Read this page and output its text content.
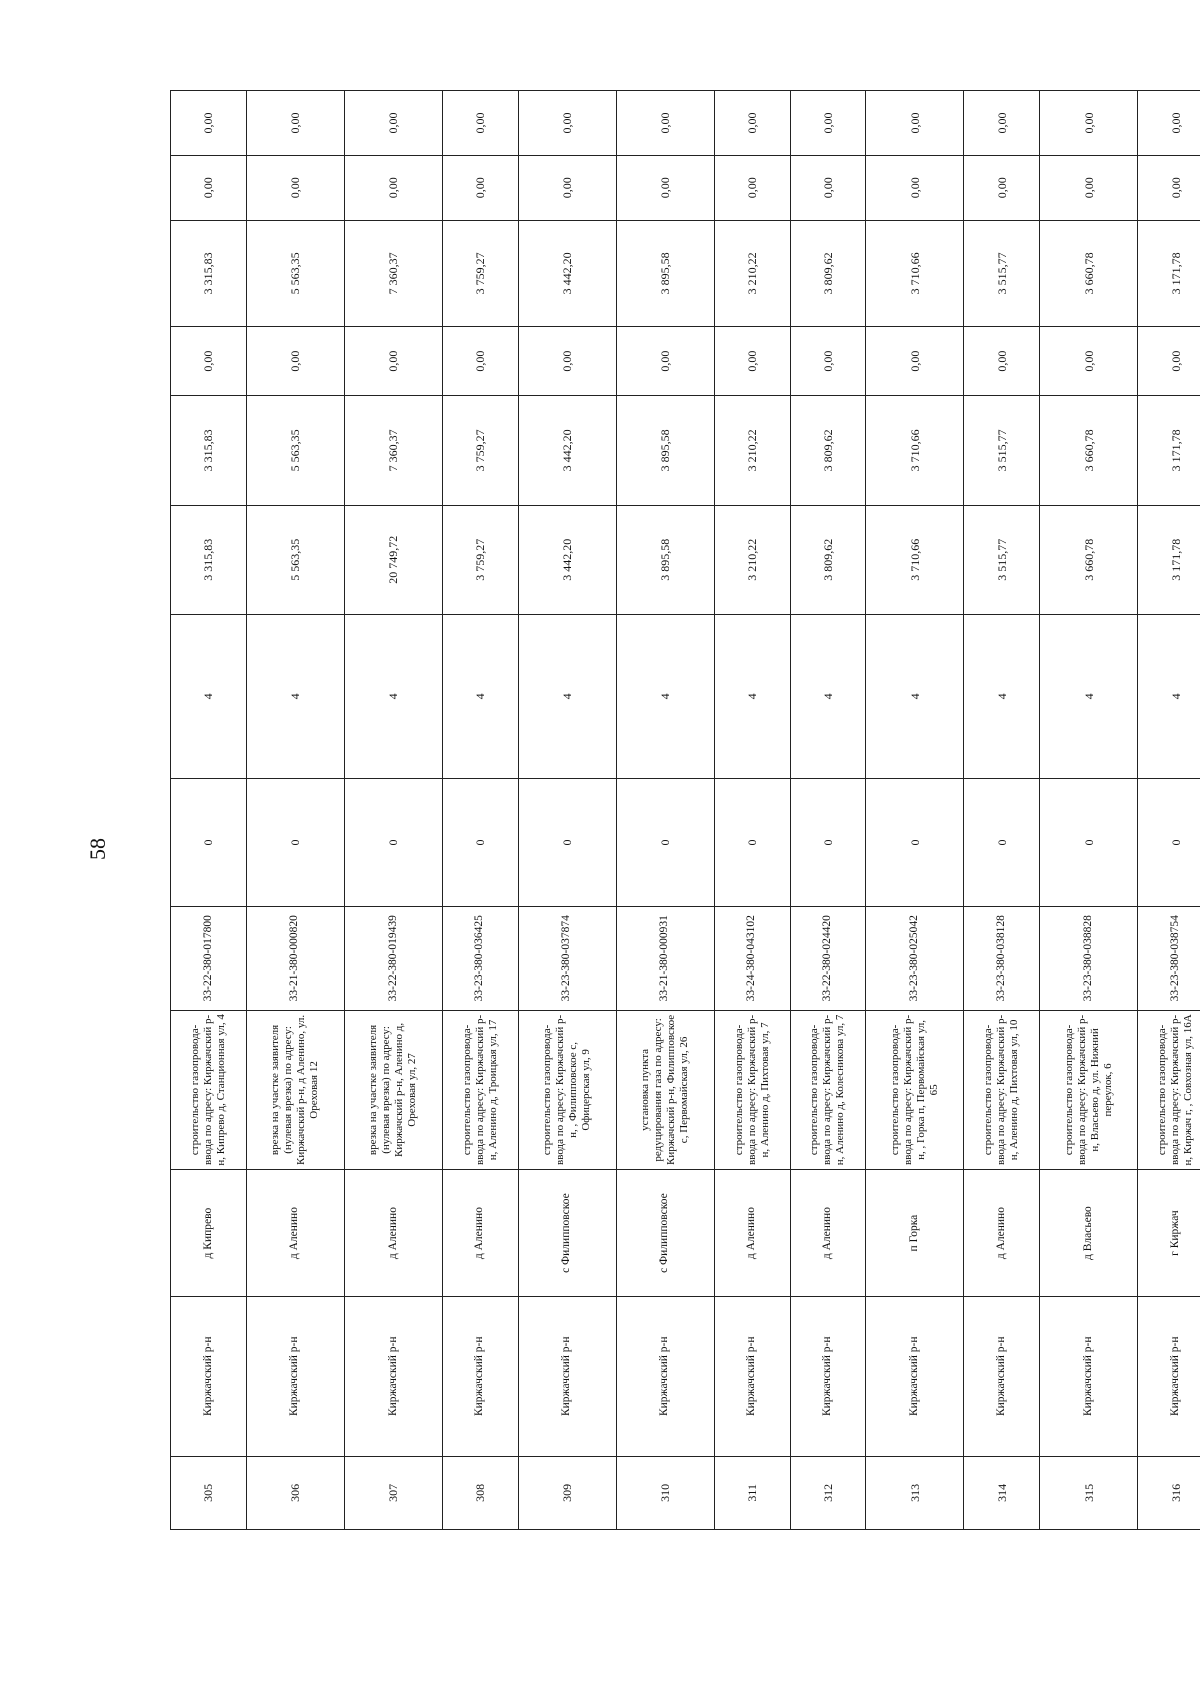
58
305	Киржачский р-н	д Кипрево	строительство газопровода-ввода по адресу: Киржачский р-н, Кипрево д, Станционная ул, 4	33-22-380-017800	0	4	3 315,83	3 315,83	0,00	3 315,83	0,00	0,00
306	Киржачский р-н	д Аленино	врезка на участке заявителя (нулевая врезка) по адресу: Киржачский р-н, д Аленино, ул. Ореховая 12	33-21-380-000820	0	4	5 563,35	5 563,35	0,00	5 563,35	0,00	0,00
307	Киржачский р-н	д Аленино	врезка на участке заявителя (нулевая врезка) по адресу: Киржачский р-н, Аленино д, Ореховая ул, 27	33-22-380-019439	0	4	20 749,72	7 360,37	0,00	7 360,37	0,00	0,00
308	Киржачский р-н	д Аленино	строительство газопровода-ввода по адресу: Киржачский р-н, Аленино д, Троицкая ул, 17	33-23-380-036425	0	4	3 759,27	3 759,27	0,00	3 759,27	0,00	0,00
309	Киржачский р-н	с Филипповское	строительство газопровода-ввода по адресу: Киржачский р-н, , Филипповское с, Офицерская ул, 9	33-23-380-037874	0	4	3 442,20	3 442,20	0,00	3 442,20	0,00	0,00
310	Киржачский р-н	с Филипповское	установка пункта редуцирования газа по адресу: Киржачский р-н, Филипповское с, Первомайская ул, 26	33-21-380-000931	0	4	3 895,58	3 895,58	0,00	3 895,58	0,00	0,00
311	Киржачский р-н	д Аленино	строительство газопровода-ввода по адресу: Киржачский р-н, Аленино д, Пихтовая ул, 7	33-24-380-043102	0	4	3 210,22	3 210,22	0,00	3 210,22	0,00	0,00
312	Киржачский р-н	д Аленино	строительство газопровода-ввода по адресу: Киржачский р-н, Аленино д, Колесникова ул, 7	33-22-380-024420	0	4	3 809,62	3 809,62	0,00	3 809,62	0,00	0,00
313	Киржачский р-н	п Горка	строительство газопровода-ввода по адресу: Киржачский р-н, , Горка п, Первомайская ул, 65	33-23-380-025042	0	4	3 710,66	3 710,66	0,00	3 710,66	0,00	0,00
314	Киржачский р-н	д Аленино	строительство газопровода-ввода по адресу: Киржачский р-н, Аленино д, Пихтовая ул, 10	33-23-380-038128	0	4	3 515,77	3 515,77	0,00	3 515,77	0,00	0,00
315	Киржачский р-н	д Власьево	строительство газопровода-ввода по адресу: Киржачский р-н, Власьево д, ул. Нижний переулок, 6	33-23-380-038828	0	4	3 660,78	3 660,78	0,00	3 660,78	0,00	0,00
316	Киржачский р-н	г Киржач	строительство газопровода-ввода по адресу: Киржачский р-н, Киржач г, , Совхозная ул, 16А	33-23-380-038754	0	4	3 171,78	3 171,78	0,00	3 171,78	0,00	0,00
